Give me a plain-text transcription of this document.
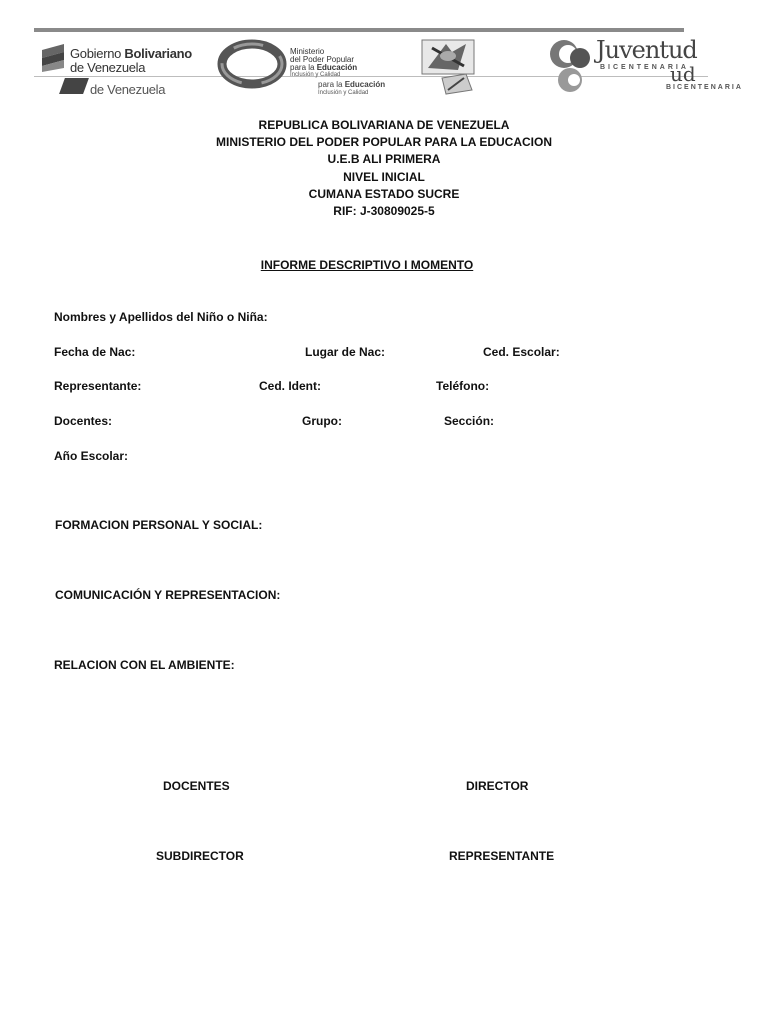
Gobierno Bolivariano
de Venezuela
de Venezuela
Ministerio
del Poder Popular
para la Educación
Inclusión y Calidad
para la Educación
Inclusión y Calidad
Juventud
BICENTENARIA
ud
BICENTENARIA
REPUBLICA BOLIVARIANA DE VENEZUELA
MINISTERIO DEL PODER POPULAR PARA LA EDUCACION
U.E.B ALI PRIMERA
NIVEL INICIAL
CUMANA ESTADO SUCRE
RIF: J-30809025-5
INFORME DESCRIPTIVO I MOMENTO
Nombres y Apellidos del Niño o Niña:
Fecha de Nac:	Lugar de Nac:	Ced. Escolar:
Representante:	Ced. Ident:	Teléfono:
Docentes:	Grupo:	Sección:
Año Escolar:
FORMACION PERSONAL Y SOCIAL:
COMUNICACIÓN Y REPRESENTACION:
RELACION CON EL AMBIENTE:
DOCENTES	DIRECTOR
SUBDIRECTOR	REPRESENTANTE
